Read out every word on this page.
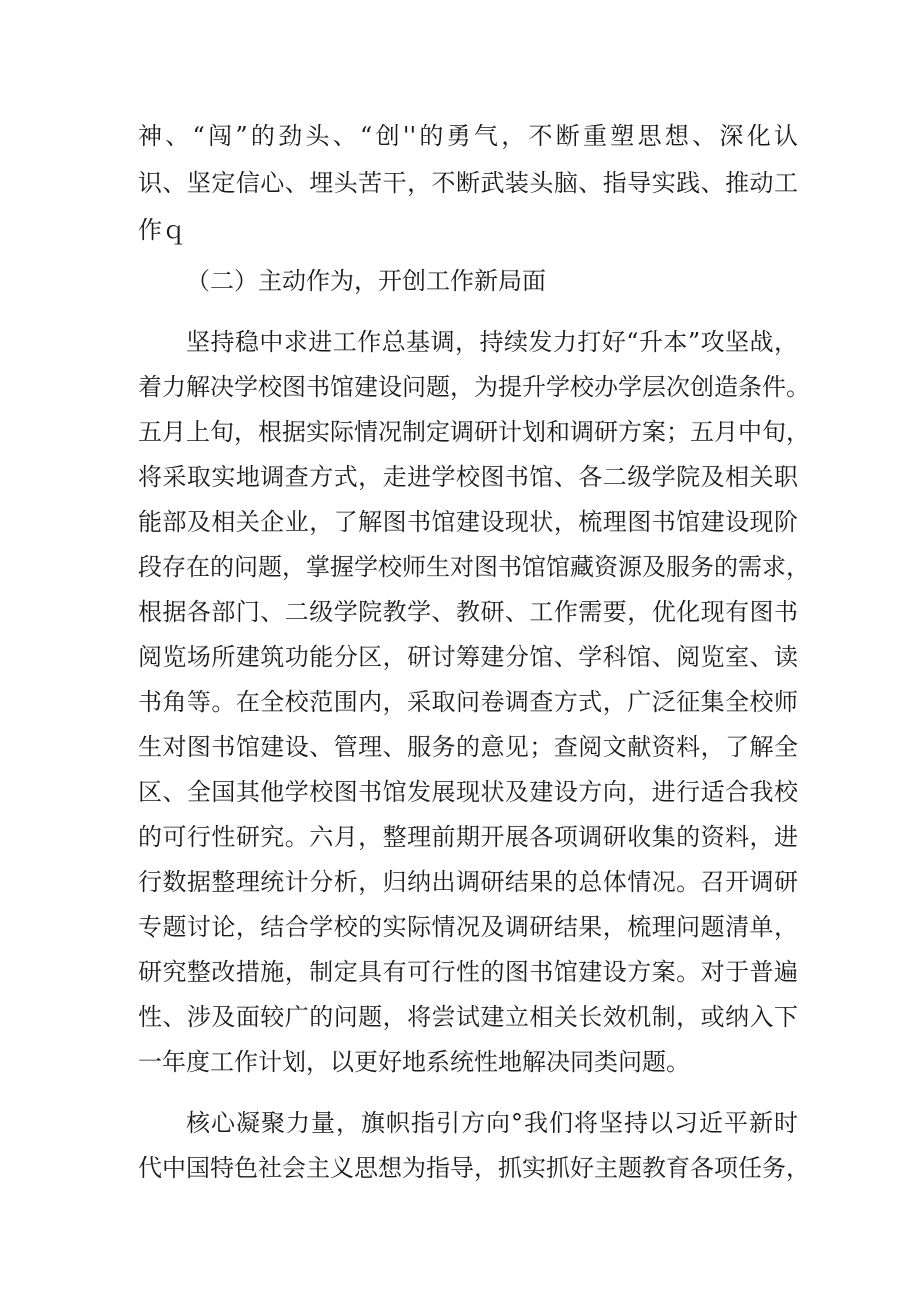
神、“闯”的劲头、“创''的勇气，不断重塑思想、深化认
识、坚定信心、埋头苦干，不断武装头脑、指导实践、推动工
作ｑ
（二）主动作为，开创工作新局面
坚持稳中求进工作总基调，持续发力打好“升本”攻坚战，
着力解决学校图书馆建设问题，为提升学校办学层次创造条件。
五月上旬，根据实际情况制定调研计划和调研方案；五月中旬，
将采取实地调查方式，走进学校图书馆、各二级学院及相关职
能部及相关企业，了解图书馆建设现状，梳理图书馆建设现阶
段存在的问题，掌握学校师生对图书馆馆藏资源及服务的需求，
根据各部门、二级学院教学、教研、工作需要，优化现有图书
阅览场所建筑功能分区，研讨筹建分馆、学科馆、阅览室、读
书角等。在全校范围内，采取问卷调查方式，广泛征集全校师
生对图书馆建设、管理、服务的意见；查阅文献资料，了解全
区、全国其他学校图书馆发展现状及建设方向，进行适合我校
的可行性研究。六月，整理前期开展各项调研收集的资料，进
行数据整理统计分析，归纳出调研结果的总体情况。召开调研
专题讨论，结合学校的实际情况及调研结果，梳理问题清单，
研究整改措施，制定具有可行性的图书馆建设方案。对于普遍
性、涉及面较广的问题，将尝试建立相关长效机制，或纳入下
一年度工作计划，以更好地系统性地解决同类问题。
核心凝聚力量，旗帜指引方向°我们将坚持以习近平新时
代中国特色社会主义思想为指导，抓实抓好主题教育各项任务，
